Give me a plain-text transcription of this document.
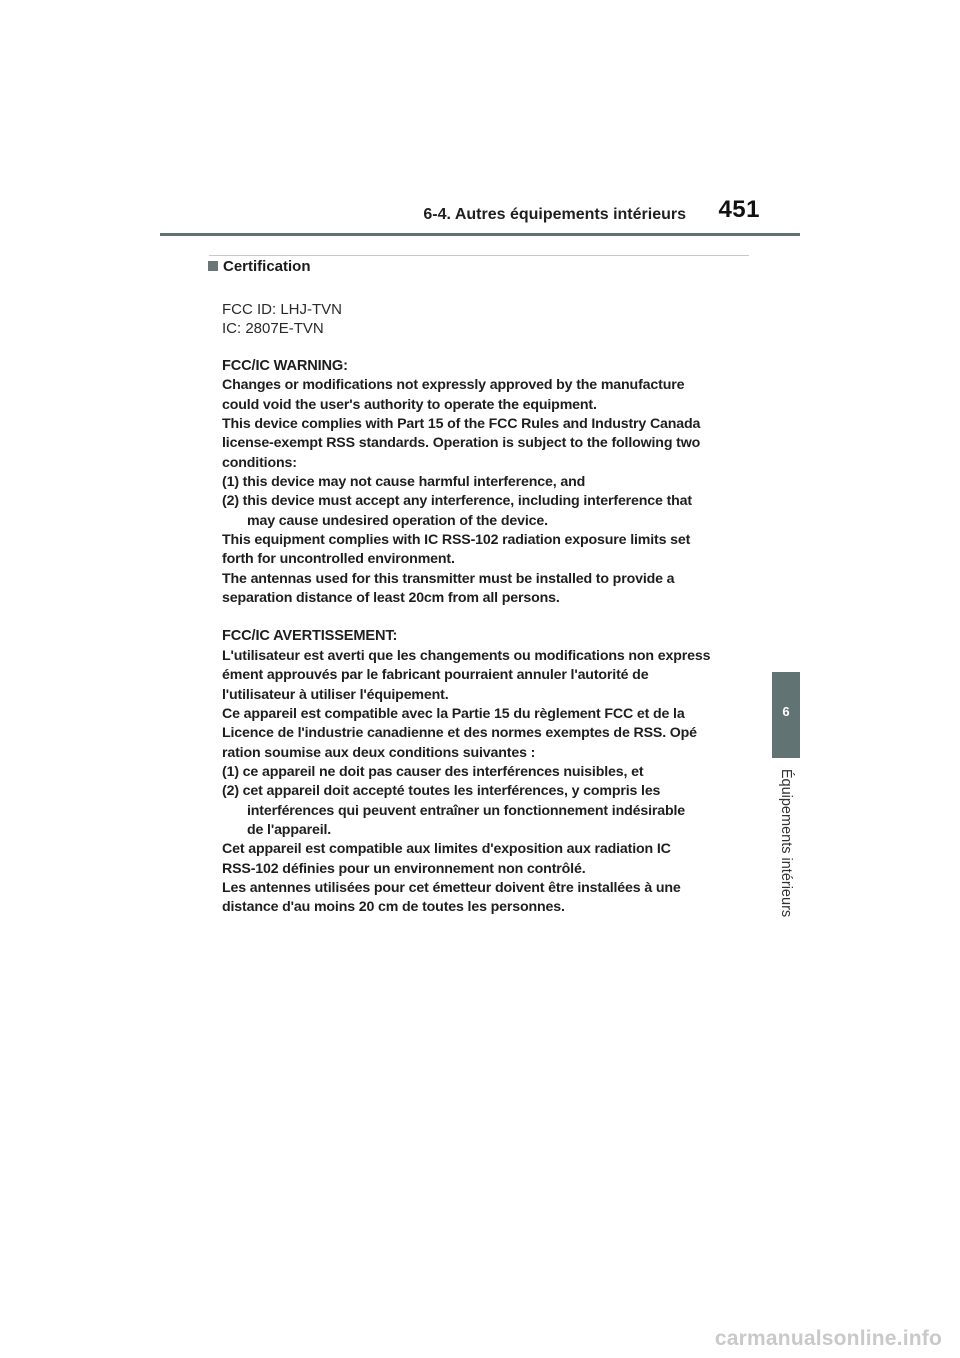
6-4. Autres équipements intérieurs 451
Certification
FCC ID: LHJ-TVN
IC: 2807E-TVN
FCC/IC WARNING:
Changes or modifications not expressly approved by the manufacture
could void the user's authority to operate the equipment.
This device complies with Part 15 of the FCC Rules and Industry Canada
license-exempt RSS standards. Operation is subject to the following two
conditions:
(1) this device may not cause harmful interference, and
(2) this device must accept any interference, including interference that
may cause undesired operation of the device.
This equipment complies with IC RSS-102 radiation exposure limits set
forth for uncontrolled environment.
The antennas used for this transmitter must be installed to provide a
separation distance of least 20cm from all persons.
FCC/IC AVERTISSEMENT:
L'utilisateur est averti que les changements ou modifications non express
ément approuvés par le fabricant pourraient annuler l'autorité de
l'utilisateur à utiliser l'équipement.
Ce appareil est compatible avec la Partie 15 du règlement FCC et de la
Licence de l'industrie canadienne et des normes exemptes de RSS. Opé
ration soumise aux deux conditions suivantes :
(1) ce appareil ne doit pas causer des interférences nuisibles, et
(2) cet appareil doit accepté toutes les interférences, y compris les
interférences qui peuvent entraîner un fonctionnement indésirable
de l'appareil.
Cet appareil est compatible aux limites d'exposition aux radiation IC
RSS-102 définies pour un environnement non contrôlé.
Les antennes utilisées pour cet émetteur doivent être installées à une
distance d'au moins 20 cm de toutes les personnes.
6
Équipements intérieurs
carmanualsonline.info
